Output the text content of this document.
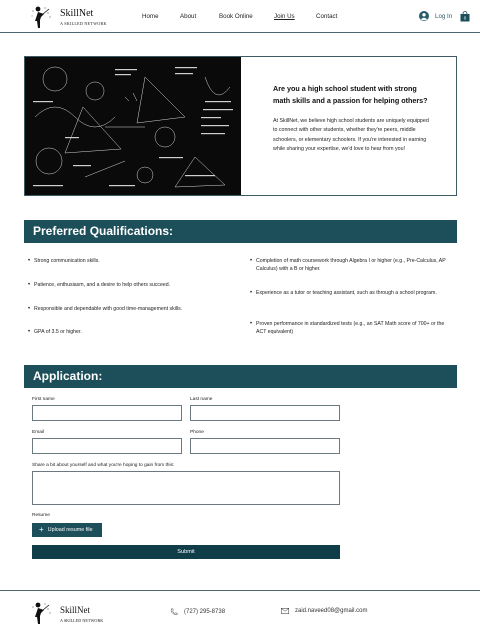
SkillNet
A SKILLED NETWORK
Home	About	Book Online	Join Us	Contact	Log In	0
Are you a high school student with strong math skills and a passion for helping others?
At SkillNet, we believe high school students are uniquely equipped to connect with other students, whether they're peers, middle schoolers, or elementary schoolers. If you're interested in earning while sharing your expertise, we'd love to hear from you!
Preferred Qualifications:
• Strong communication skills.
• Patience, enthusiasm, and a desire to help others succeed.
• Responsible and dependable with good time-management skills.
• GPA of 3.5 or higher.
• Completion of math coursework through Algebra I or higher (e.g., Pre-Calculus, AP Calculus) with a B or higher.
• Experience as a tutor or teaching assistant, such as through a school program.
• Proven performance in standardized tests (e.g., an SAT Math score of 700+ or the ACT equivalent)
Application:
First name	Last name
Email	Phone
Share a bit about yourself and what you're hoping to gain from this:
Resume
+ Upload resume file
Submit
SkillNet
A SKILLED NETWORK
(727) 295-8738	zaid.naveed08@gmail.com
